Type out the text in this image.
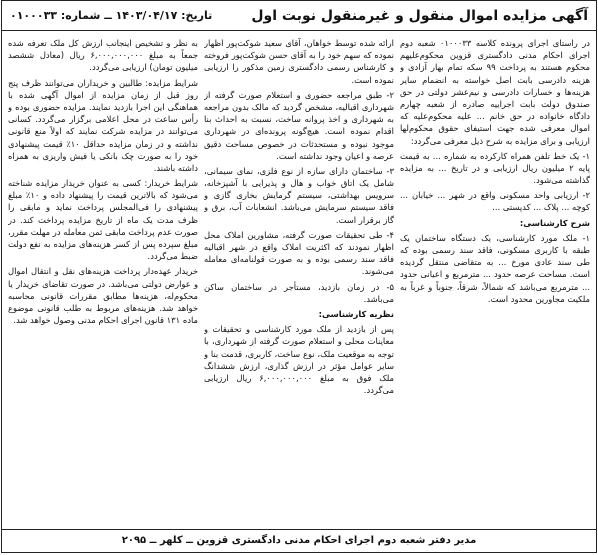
آگهی مزایده اموال منقول و غیرمنقول نوبت اول
تاریخ: ۱۴۰۳/۰۴/۱۷ ــ شماره: ۰۱۰۰۰۳۳

در راستای اجرای پرونده کلاسه ۰۱۰۰۰۳۳ شعبه دوم اجرای احکام مدنی دادگستری قزوین محکوم‌علیهم محکوم هستند به پرداخت ۹۹ سکه تمام بهار آزادی و هزینه دادرسی بابت اصل خواسته به انضمام سایر هزینه‌ها و خسارات دادرسی و نیم‌عشر دولتی در حق صندوق دولت بابت اجراییه صادره از شعبه چهارم دادگاه خانواده در حق خانم ... علیه محکوم‌علیه که اموال معرفی شده جهت استیفای حقوق محکوم‌لها ارزیابی و برای مزایده به شرح ذیل معرفی می‌گردد:

۱- یک خط تلفن همراه کارکرده به شماره ... به قیمت پایه ۲ میلیون ریال ارزیابی و در تاریخ ... به مزایده گذاشته می‌شود.

۲- ارزیابی واحد مسکونی واقع در شهر ... خیابان ... کوچه ... پلاک ... کدپستی ...

شرح کارشناسی:

۱- ملک مورد کارشناسی، یک دستگاه ساختمان یک طبقه با کاربری مسکونی، فاقد سند رسمی بوده که طی سند عادی مورخ ... به متقاضی منتقل گردیده است. مساحت عرصه حدود ... مترمربع و اعیانی حدود ... مترمربع می‌باشد که شمالاً، شرقاً، جنوباً و غرباً به ملکیت مجاورین محدود است.

ارائه شده توسط خواهان، آقای سعید شوکت‌پور اظهار نموده که سهم خود را به آقای حسن شوکت‌پور فروخته و کارشناس رسمی دادگستری زمین مذکور را ارزیابی نموده است.

۲- طبق مراجعه حضوری و استعلام صورت گرفته از شهرداری اقبالیه، مشخص گردید که مالک بدون مراجعه به شهرداری و اخذ پروانه ساخت، نسبت به احداث بنا اقدام نموده است. هیچ‌گونه پرونده‌ای در شهرداری موجود نبوده و مستحدثات در خصوص مساحت دقیق عرصه و اعیان وجود نداشته است.

۳- ساختمان دارای سازه از نوع فلزی، نمای سیمانی، شامل یک اتاق خواب و هال و پذیرایی با آشپزخانه، سرویس بهداشتی، سیستم گرمایش بخاری گازی و فاقد سیستم سرمایش می‌باشد. انشعابات آب، برق و گاز برقرار است.

۴- طی تحقیقات صورت گرفته، مشاورین املاک محل اظهار نمودند که اکثریت املاک واقع در شهر اقبالیه فاقد سند رسمی بوده و به صورت قولنامه‌ای معامله می‌شوند.

۵- در زمان بازدید، مستأجر در ساختمان ساکن می‌باشد.

نظریه کارشناسی:

پس از بازدید از ملک مورد کارشناسی و تحقیقات و معاینات محلی و استعلام صورت گرفته از شهرداری، با توجه به موقعیت ملک، نوع ساخت، کاربری، قدمت بنا و سایر عوامل مؤثر در ارزش گذاری، ارزش ششدانگ ملک فوق به مبلغ ۶,۰۰۰,۰۰۰,۰۰۰ ریال ارزیابی می‌گردد.

به نظر و تشخیص اینجانب ارزش کل ملک تعرفه شده جمعاً به مبلغ ۶,۰۰۰,۰۰۰,۰۰۰ ریال (معادل ششصد میلیون تومان) ارزیابی می‌گردد.

شرایط مزایده: طالبین و خریداران می‌توانند ظرف پنج روز قبل از زمان مزایده از اموال آگهی شده با هماهنگی این اجرا بازدید نمایند. مزایده حضوری بوده و رأس ساعت در محل اعلامی برگزار می‌گردد. کسانی می‌توانند در مزایده شرکت نمایند که اولاً منع قانونی نداشته و در زمان مزایده حداقل ۱۰٪ قیمت پیشنهادی خود را به صورت چک بانکی یا فیش واریزی به همراه داشته باشند.

شرایط خریدار: کسی به عنوان خریدار مزایده شناخته می‌شود که بالاترین قیمت را پیشنهاد داده و ۱۰٪ مبلغ پیشنهادی را فی‌المجلس پرداخت نماید و مابقی را ظرف مدت یک ماه از تاریخ مزایده پرداخت کند. در صورت عدم پرداخت مابقی ثمن معامله در مهلت مقرر، مبلغ سپرده پس از کسر هزینه‌های مزایده به نفع دولت ضبط می‌گردد.

خریدار عهده‌دار پرداخت هزینه‌های نقل و انتقال اموال و عوارض دولتی می‌باشد. در صورت تقاضای خریدار یا محکوم‌له، هزینه‌ها مطابق مقررات قانونی محاسبه خواهد شد. هزینه‌های مربوط به طلب قانونی موضوع ماده ۱۳۱ قانون اجرای احکام مدنی وصول خواهد شد.

مدیر دفتر شعبه دوم اجرای احکام مدنی دادگستری قزوین ــ کلهر ــ ۲۰۹۵
